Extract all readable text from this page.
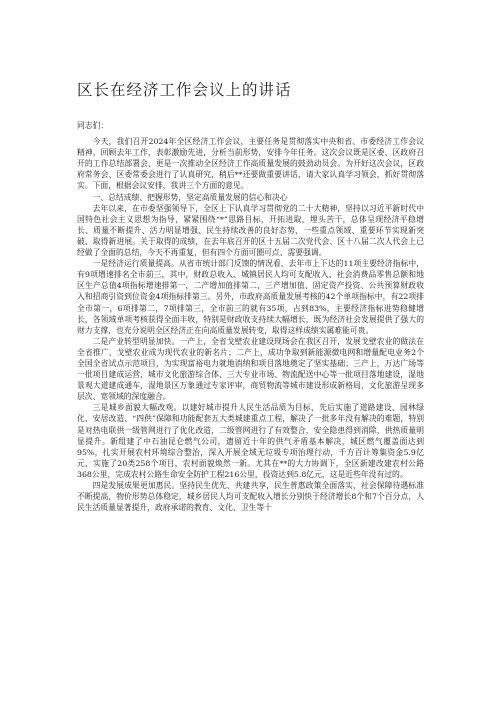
区长在经济工作会议上的讲话

同志们：

今天，我们召开2024年全区经济工作会议，主要任务是贯彻落实中央和省、市委经济工作会议精神，回顾去年工作，表彰激励先进，分析当前形势，安排今年任务。这次会议既是区委、区政府召开的工作总结部署会，更是一次推动全区经济工作高质量发展的鼓劲动员会。为开好这次会议，区政府常务会、区委常委会进行了认真研究，稍后**还要做重要讲话，请大家认真学习领会，抓好贯彻落实。下面，根据会议安排，我讲三个方面的意见。

一、总结成绩、把握形势，坚定高质量发展的信心和决心

去年以来，在市委坚强领导下，全区上下认真学习贯彻党的二十大精神，坚持以习近平新时代中国特色社会主义思想为指导，紧紧围绕“*”思路目标，开拓进取，埋头苦干，总体呈现经济平稳增长、质量不断提升、活力明显增强、民生持续改善的良好态势，一些重点领域、重要环节实现新突破、取得新进展。关于取得的成绩，在去年底召开的区十五届二次党代会、区十八届二次人代会上已经做了全面的总结，今天不再重复，但有四个方面可圈可点、需要强调。

一是经济运行质量提高。从省市统计部门反馈的情况看，去年市上下达的11项主要经济指标中，有9项增速排名全市前三，其中，财政总收入、城镇居民人均可支配收入、社会消费品零售总额和地区生产总值4项指标增速排第一，二产增加值排第二，三产增加值、固定资产投资、公共预算财政收入和招商引资到位资金4项指标排第三。另外，市政府高质量发展考核的42个单项指标中，有22项排全市第一，6项排第二，7项排第三，全市前三的就有35项，占到83%，主要经济指标进势稳健增长，各领域单项考核获得全面丰收，特别是财政收支持续大幅增长，既为经济社会发展提供了强大的财力支撑，也充分说明全区经济正在向高质量发展转变，取得这样成绩实属难能可贵。

二是产业转型明显加快。一产上，全省戈壁农业建设现场会在我区召开，发展戈壁农业的做法在全省推广，戈壁农业成为现代农业的新名片；二产上，成功争取到新能源微电网和增量配电业务2个全国全省试点示范项目，为实现富裕电力就地消纳和项目落地奠定了坚实基础；三产上，万达广场等一批项目建成运营，城市文化旅游综合体、三大专业市场、物流配送中心等一批项目落地建设，湿地景观大道建成通车，湿地景区万象通过专家评审，商贸物流等城市建设形成新格局，文化旅游呈现多层次、宽领域的深度融合。

三是城乡面貌大幅改观。以建好城市提升人民生活品质为目标，先后实施了道路建设、园林绿化、安居改造、“四供”保障和功能配套五大类城建重点工程，解决了一批多年没有解决的难题，特别是对热电联供一级管网进行了优化改造，二级管网进行了有效整合，安全隐患得到消除，供热质量明显提升。新组建了中石油昆仑燃气公司，遗留近十年的供气矛盾基本解决，城区燃气覆盖面达到95%，扎实开展农村环境综合整治，深入开展全域无垃圾专项治理行动，千方百计筹集资金5.9亿元，实施了20类258个项目，农村面貌焕然一新。尤其在**的大力协调下，全区新建改建农村公路368公里，完成农村公路生命安全防护工程216公里，投资达到5.8亿元，这是近些年没有过的。

四是发展成果更加惠民。坚持民生优先、共建共享，民生普惠政策全面落实，社会保障待遇标准不断提高，物价形势总体稳定，城乡居民人均可支配收入增长分别快于经济增长8个和7个百分点，人民生活质量显著提升，政府承诺的教育、文化、卫生等十
